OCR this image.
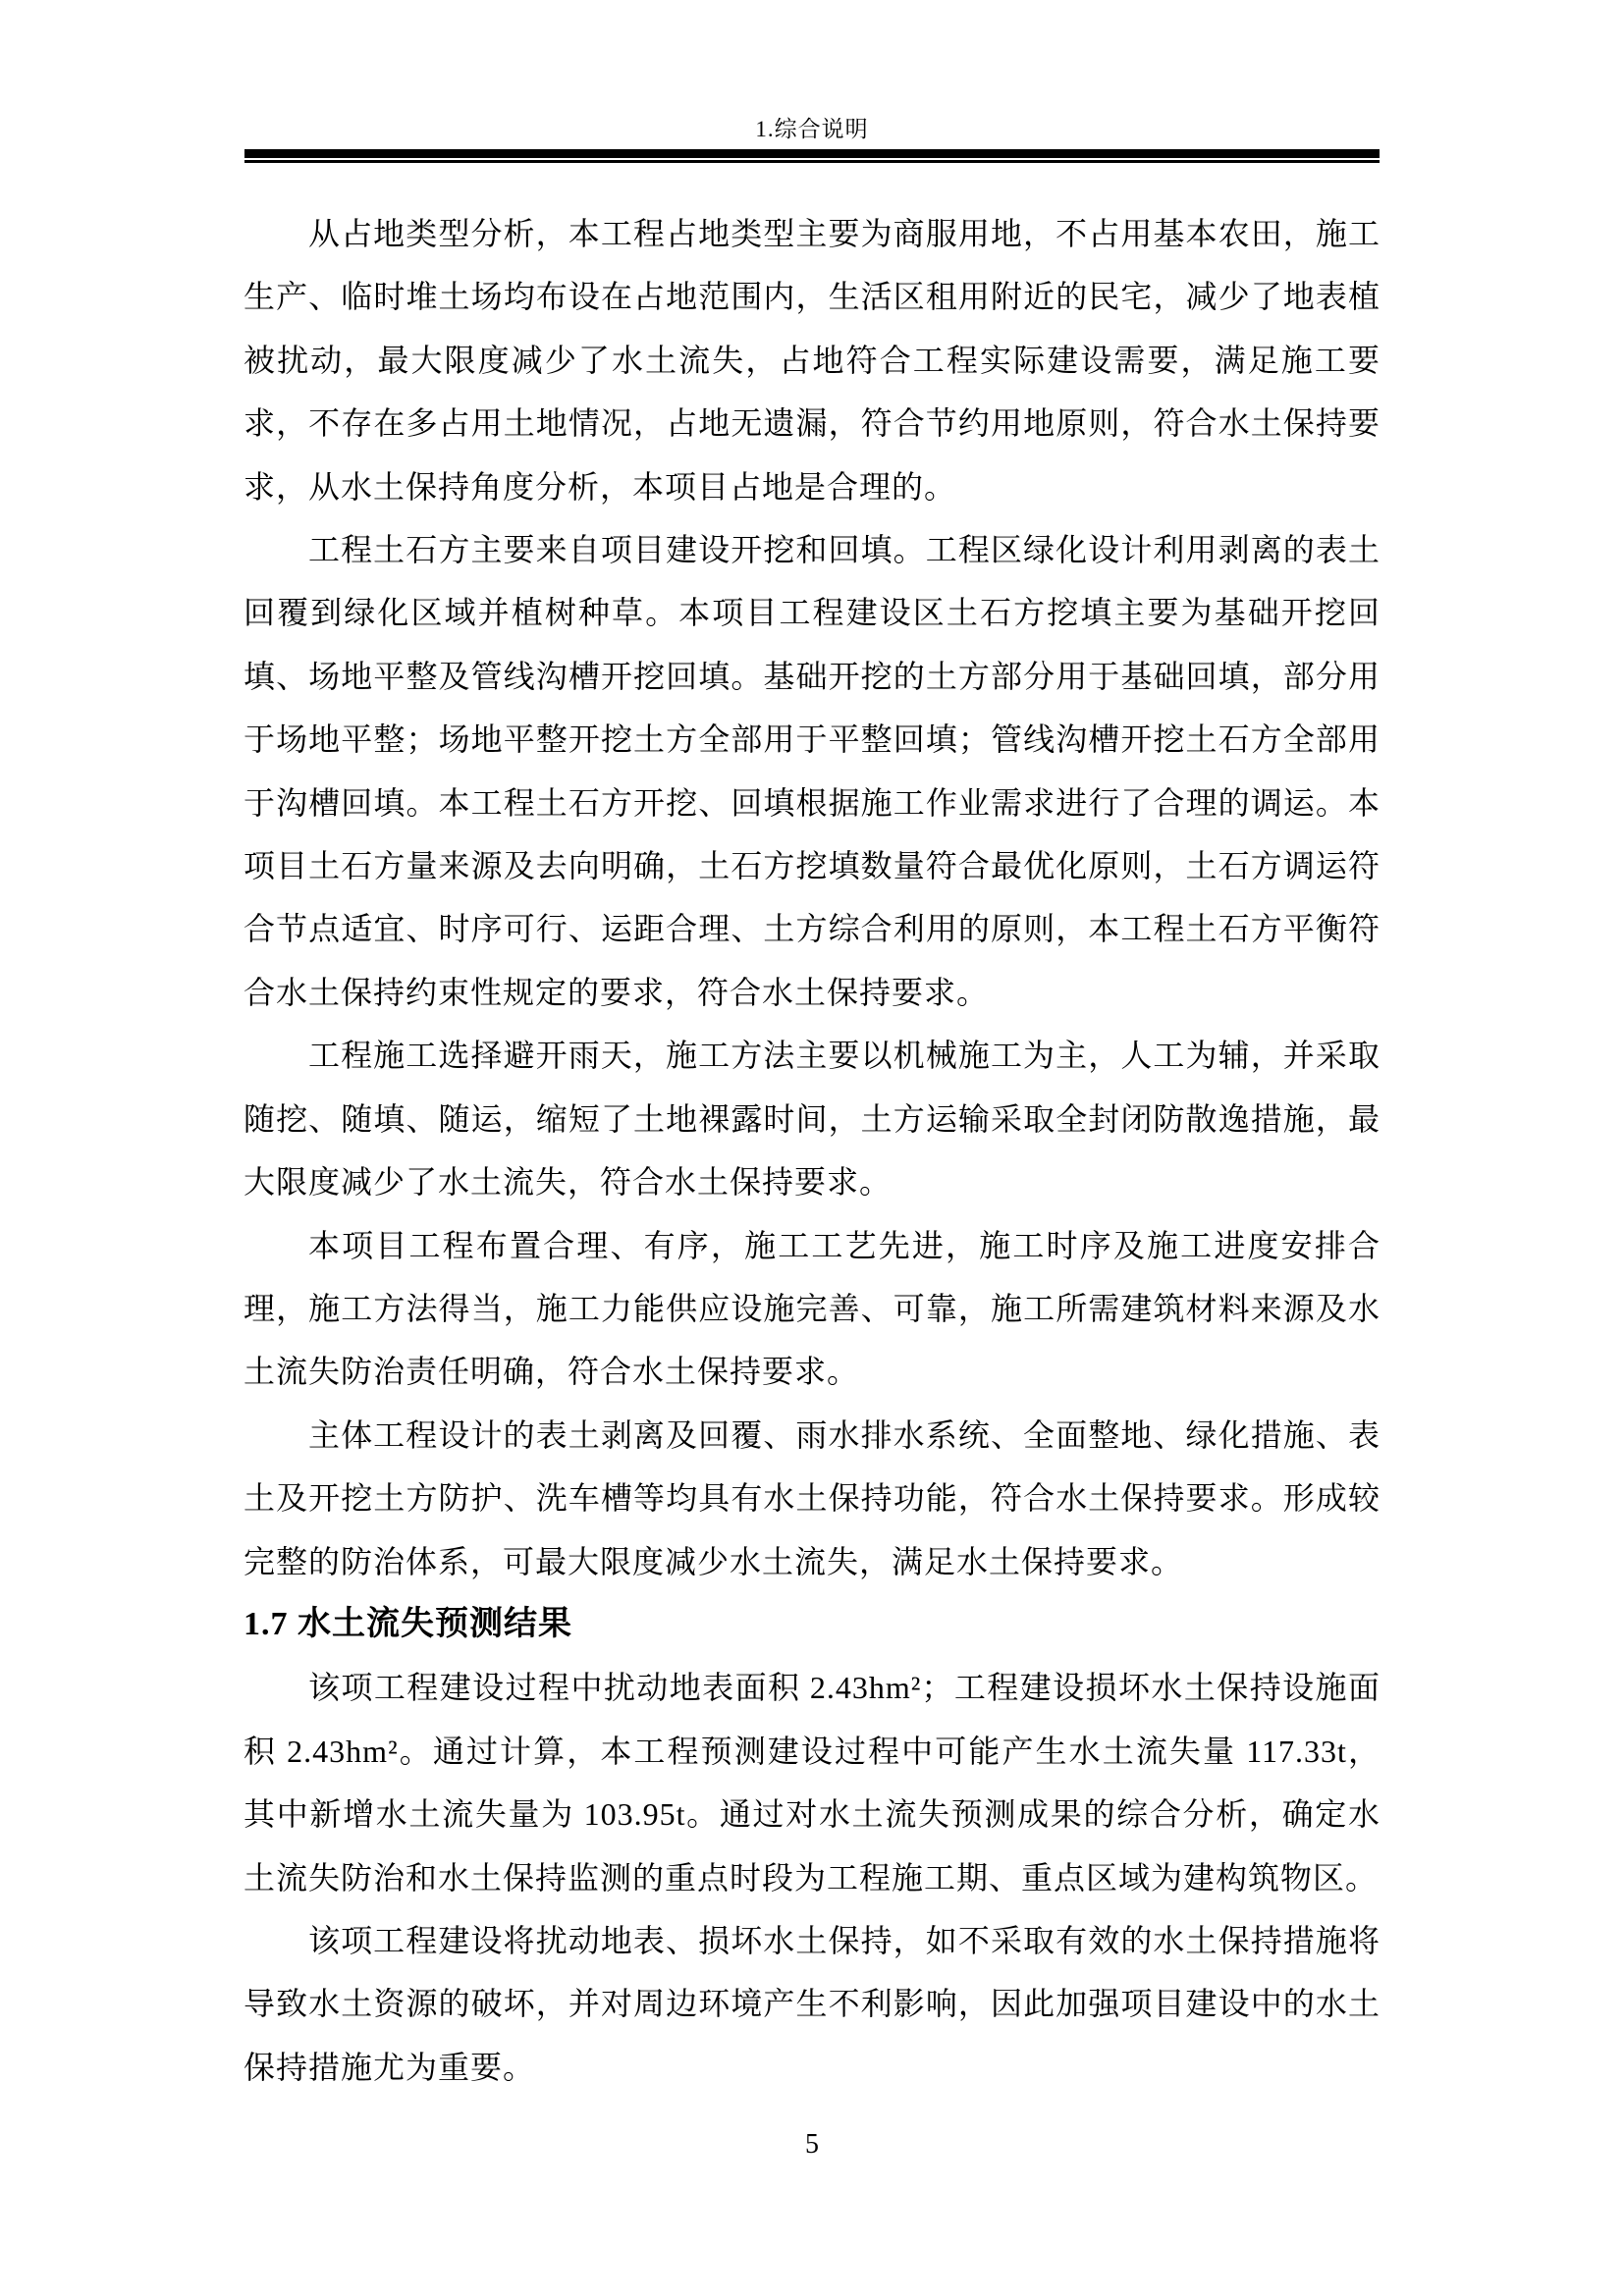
1.综合说明

从占地类型分析，本工程占地类型主要为商服用地，不占用基本农田，施工生产、临时堆土场均布设在占地范围内，生活区租用附近的民宅，减少了地表植被扰动，最大限度减少了水土流失，占地符合工程实际建设需要，满足施工要求，不存在多占用土地情况，占地无遗漏，符合节约用地原则，符合水土保持要求，从水土保持角度分析，本项目占地是合理的。

工程土石方主要来自项目建设开挖和回填。工程区绿化设计利用剥离的表土回覆到绿化区域并植树种草。本项目工程建设区土石方挖填主要为基础开挖回填、场地平整及管线沟槽开挖回填。基础开挖的土方部分用于基础回填，部分用于场地平整；场地平整开挖土方全部用于平整回填；管线沟槽开挖土石方全部用于沟槽回填。本工程土石方开挖、回填根据施工作业需求进行了合理的调运。本项目土石方量来源及去向明确，土石方挖填数量符合最优化原则，土石方调运符合节点适宜、时序可行、运距合理、土方综合利用的原则，本工程土石方平衡符合水土保持约束性规定的要求，符合水土保持要求。

工程施工选择避开雨天，施工方法主要以机械施工为主，人工为辅，并采取随挖、随填、随运，缩短了土地裸露时间，土方运输采取全封闭防散逸措施，最大限度减少了水土流失，符合水土保持要求。

本项目工程布置合理、有序，施工工艺先进，施工时序及施工进度安排合理，施工方法得当，施工力能供应设施完善、可靠，施工所需建筑材料来源及水土流失防治责任明确，符合水土保持要求。

主体工程设计的表土剥离及回覆、雨水排水系统、全面整地、绿化措施、表土及开挖土方防护、洗车槽等均具有水土保持功能，符合水土保持要求。形成较完整的防治体系，可最大限度减少水土流失，满足水土保持要求。

1.7 水土流失预测结果

该项工程建设过程中扰动地表面积 2.43hm²；工程建设损坏水土保持设施面积 2.43hm²。通过计算，本工程预测建设过程中可能产生水土流失量 117.33t，其中新增水土流失量为 103.95t。通过对水土流失预测成果的综合分析，确定水土流失防治和水土保持监测的重点时段为工程施工期、重点区域为建构筑物区。

该项工程建设将扰动地表、损坏水土保持，如不采取有效的水土保持措施将导致水土资源的破坏，并对周边环境产生不利影响，因此加强项目建设中的水土保持措施尤为重要。

5
